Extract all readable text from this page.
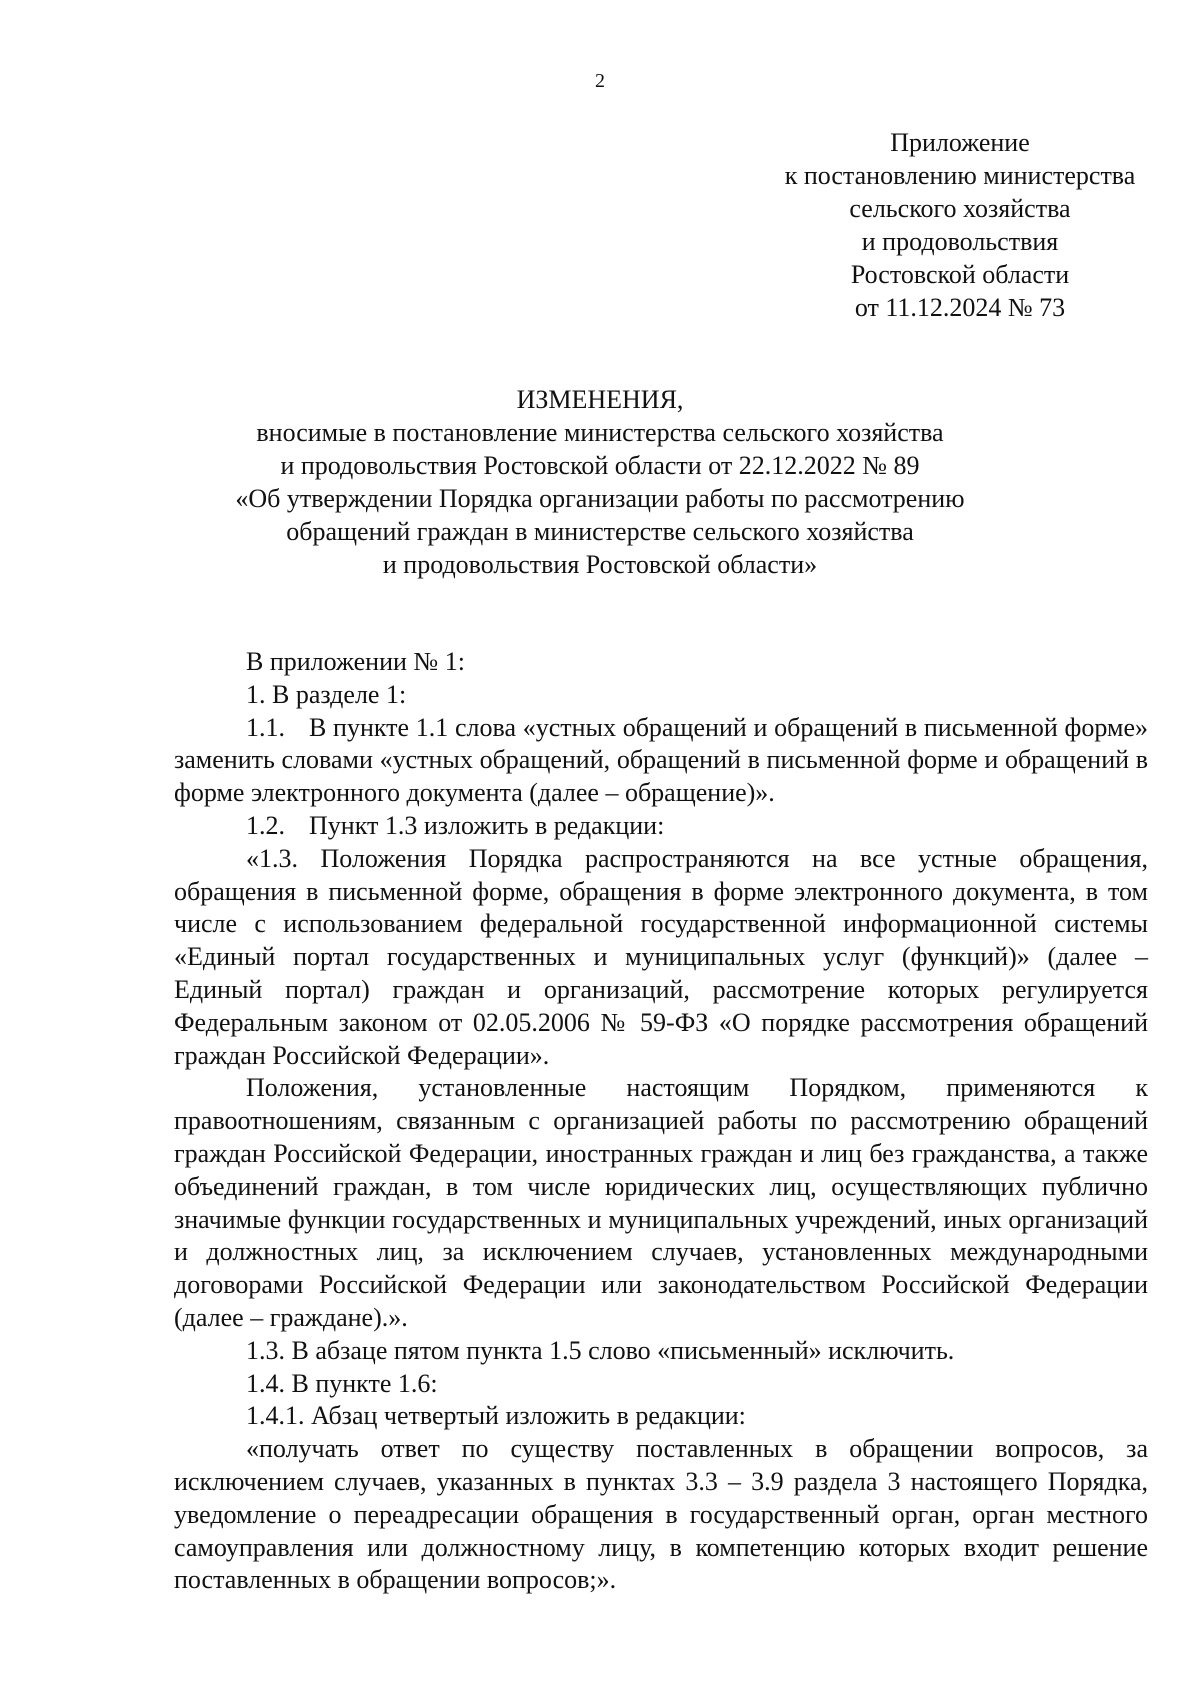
2
Приложение
к постановлению министерства
сельского хозяйства
и продовольствия
Ростовской области
от 11.12.2024 № 73
ИЗМЕНЕНИЯ,
вносимые в постановление министерства сельского хозяйства
и продовольствия Ростовской области от 22.12.2022 № 89
«Об утверждении Порядка организации работы по рассмотрению
обращений граждан в министерстве сельского хозяйства
и продовольствия Ростовской области»

В приложении № 1:

1. В разделе 1:

1.1. В пункте 1.1 слова «устных обращений и обращений в письменной форме» заменить словами «устных обращений, обращений в письменной форме и обращений в форме электронного документа (далее – обращение)».

1.2. Пункт 1.3 изложить в редакции:

«1.3. Положения Порядка распространяются на все устные обращения, обращения в письменной форме, обращения в форме электронного документа, в том числе с использованием федеральной государственной информационной системы «Единый портал государственных и муниципальных услуг (функций)» (далее – Единый портал) граждан и организаций, рассмотрение которых регулируется Федеральным законом от 02.05.2006 № 59-ФЗ «О порядке рассмотрения обращений граждан Российской Федерации».

Положения, установленные настоящим Порядком, применяются к правоотношениям, связанным с организацией работы по рассмотрению обращений граждан Российской Федерации, иностранных граждан и лиц без гражданства, а также объединений граждан, в том числе юридических лиц, осуществляющих публично значимые функции государственных и муниципальных учреждений, иных организаций и должностных лиц, за исключением случаев, установленных международными договорами Российской Федерации или законодательством Российской Федерации (далее – граждане).».

1.3. В абзаце пятом пункта 1.5 слово «письменный» исключить.

1.4. В пункте 1.6:

1.4.1. Абзац четвертый изложить в редакции:

«получать ответ по существу поставленных в обращении вопросов, за исключением случаев, указанных в пунктах 3.3 – 3.9 раздела 3 настоящего Порядка, уведомление о переадресации обращения в государственный орган, орган местного самоуправления или должностному лицу, в компетенцию которых входит решение поставленных в обращении вопросов;».
